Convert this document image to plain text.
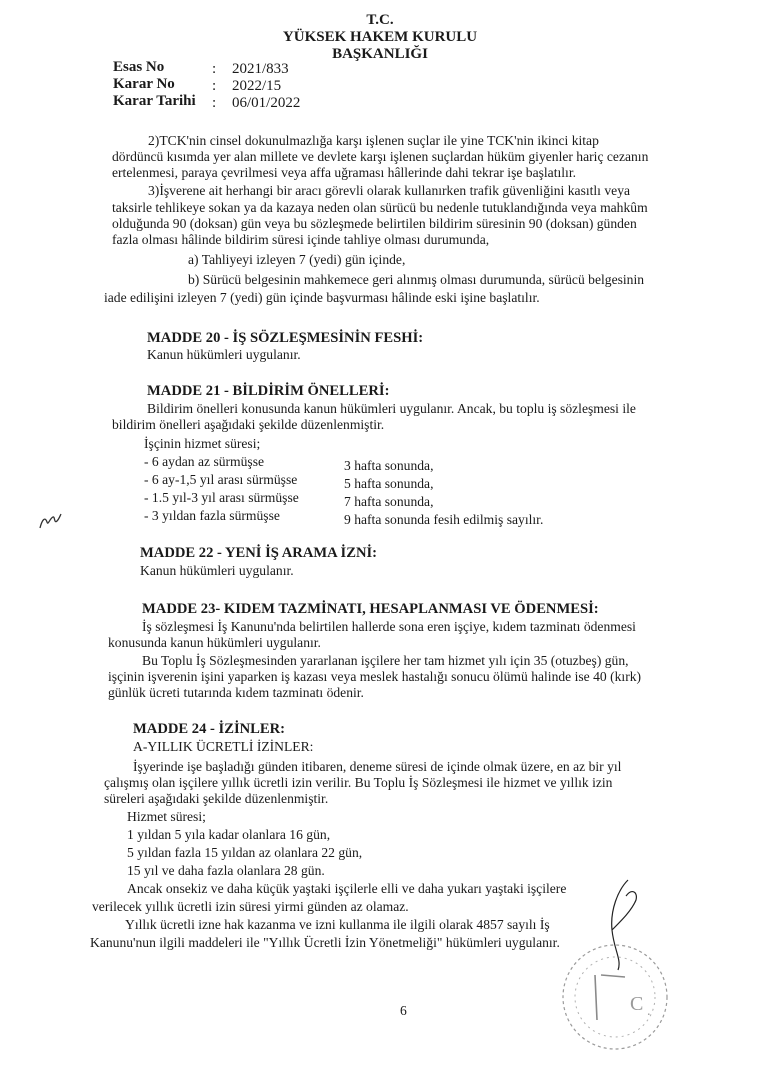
T.C.
YÜKSEK HAKEM KURULU
BAŞKANLIĞI
Esas No	: 2021/833
Karar No : 2022/15
Karar Tarihi : 06/01/2022
2)TCK'nin cinsel dokunulmazlığa karşı işlenen suçlar ile yine TCK'nin ikinci kitap
dördüncü kısımda yer alan millete ve devlete karşı işlenen suçlardan hüküm giyenler hariç cezanın
ertelenmesi, paraya çevrilmesi veya affa uğraması hâllerinde dahi tekrar işe başlatılır.
3)İşverene ait herhangi bir aracı görevli olarak kullanırken trafik güvenliğini kasıtlı veya
taksirle tehlikeye sokan ya da kazaya neden olan sürücü bu nedenle tutuklandığında veya mahkûm
olduğunda 90 (doksan) gün veya bu sözleşmede belirtilen bildirim süresinin 90 (doksan) günden
fazla olması hâlinde bildirim süresi içinde tahliye olması durumunda,
a) Tahliyeyi izleyen 7 (yedi) gün içinde,
b) Sürücü belgesinin mahkemece geri alınmış olması durumunda, sürücü belgesinin
iade edilişini izleyen 7 (yedi) gün içinde başvurması hâlinde eski işine başlatılır.
MADDE 20 - İŞ SÖZLEŞMESİNİN FESHİ:
Kanun hükümleri uygulanır.
MADDE 21 - BİLDİRİM ÖNELLERİ:
Bildirim önelleri konusunda kanun hükümleri uygulanır. Ancak, bu toplu iş sözleşmesi ile
bildirim önelleri aşağıdaki şekilde düzenlenmiştir.
İşçinin hizmet süresi;
- 6 aydan az sürmüşse	3 hafta sonunda,
- 6 ay-1,5 yıl arası sürmüşse	5 hafta sonunda,
- 1.5 yıl-3 yıl arası sürmüşse	7 hafta sonunda,
- 3 yıldan fazla sürmüşse	9 hafta sonunda fesih edilmiş sayılır.
MADDE 22 - YENİ İŞ ARAMA İZNİ:
Kanun hükümleri uygulanır.
MADDE 23- KIDEM TAZMİNATI, HESAPLANMASI VE ÖDENMESİ:
İş sözleşmesi İş Kanunu'nda belirtilen hallerde sona eren işçiye, kıdem tazminatı ödenmesi
konusunda kanun hükümleri uygulanır.
Bu Toplu İş Sözleşmesinden yararlanan işçilere her tam hizmet yılı için 35 (otuzbeş) gün,
işçinin işverenin işini yaparken iş kazası veya meslek hastalığı sonucu ölümü halinde ise 40 (kırk)
günlük ücreti tutarında kıdem tazminatı ödenir.
MADDE 24 - İZİNLER:
A-YILLIK ÜCRETLİ İZİNLER:
İşyerinde işe başladığı günden itibaren, deneme süresi de içinde olmak üzere, en az bir yıl
çalışmış olan işçilere yıllık ücretli izin verilir. Bu Toplu İş Sözleşmesi ile hizmet ve yıllık izin
süreleri aşağıdaki şekilde düzenlenmiştir.
Hizmet süresi;
1 yıldan 5 yıla kadar olanlara 16 gün,
5 yıldan fazla 15 yıldan az olanlara 22 gün,
15 yıl ve daha fazla olanlara 28 gün.
Ancak onsekiz ve daha küçük yaştaki işçilerle elli ve daha yukarı yaştaki işçilere
verilecek yıllık ücretli izin süresi yirmi günden az olamaz.
Yıllık ücretli izne hak kazanma ve izni kullanma ile ilgili olarak 4857 sayılı İş
Kanunu'nun ilgili maddeleri ile "Yıllık Ücretli İzin Yönetmeliği" hükümleri uygulanır.
C .
6
